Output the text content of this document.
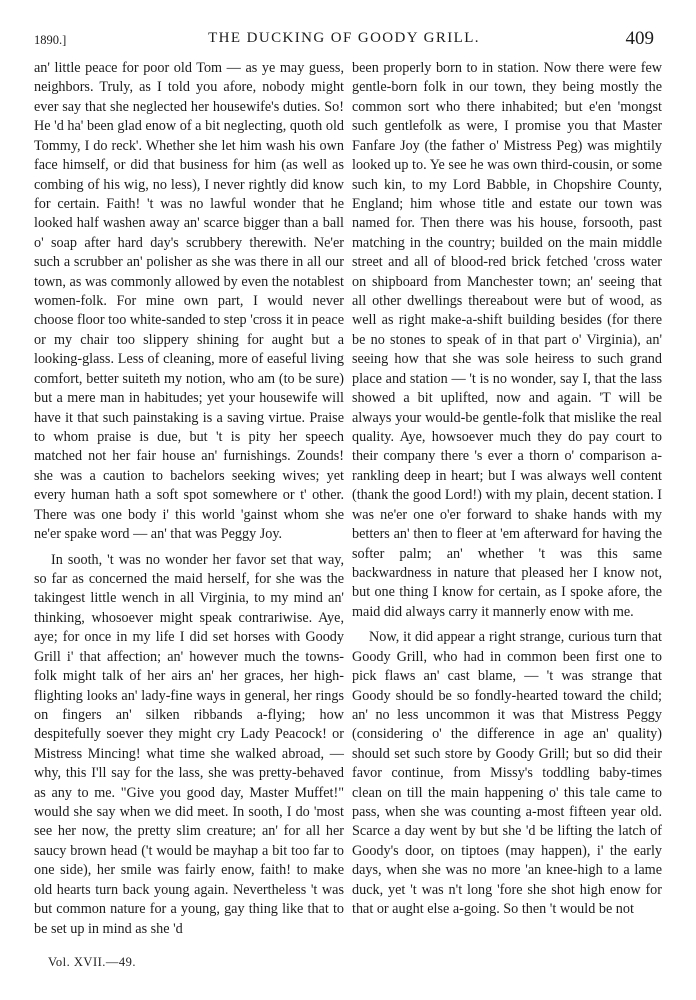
1890.]	THE DUCKING OF GOODY GRILL.	409

an' little peace for poor old Tom — as ye may guess, neighbors. Truly, as I told you afore, nobody might ever say that she neglected her housewife's duties. So! He 'd ha' been glad enow of a bit neglecting, quoth old Tommy, I do reck'. Whether she let him wash his own face himself, or did that business for him (as well as combing of his wig, no less), I never rightly did know for certain. Faith! 't was no lawful wonder that he looked half washen away an' scarce bigger than a ball o' soap after hard day's scrubbery therewith. Ne'er such a scrubber an' polisher as she was there in all our town, as was commonly allowed by even the notablest women-folk. For mine own part, I would never choose floor too white-sanded to step 'cross it in peace or my chair too slippery shining for aught but a looking-glass. Less of cleaning, more of easeful living comfort, better suiteth my notion, who am (to be sure) but a mere man in habitudes; yet your housewife will have it that such painstaking is a saving virtue. Praise to whom praise is due, but 't is pity her speech matched not her fair house an' furnishings. Zounds! she was a caution to bachelors seeking wives; yet every human hath a soft spot somewhere or t' other. There was one body i' this world 'gainst whom she ne'er spake word — an' that was Peggy Joy.

In sooth, 't was no wonder her favor set that way, so far as concerned the maid herself, for she was the takingest little wench in all Virginia, to my mind an' thinking, whosoever might speak contrariwise. Aye, aye; for once in my life I did set horses with Goody Grill i' that affection; an' however much the towns-folk might talk of her airs an' her graces, her high-flighting looks an' lady-fine ways in general, her rings on fingers an' silken ribbands a-flying; how despitefully soever they might cry Lady Peacock! or Mistress Mincing! what time she walked abroad, — why, this I'll say for the lass, she was pretty-behaved as any to me. "Give you good day, Master Muffet!" would she say when we did meet. In sooth, I do 'most see her now, the pretty slim creature; an' for all her saucy brown head ('t would be mayhap a bit too far to one side), her smile was fairly enow, faith! to make old hearts turn back young again. Nevertheless 't was but common nature for a young, gay thing like that to be set up in mind as she 'd

been properly born to in station. Now there were few gentle-born folk in our town, they being mostly the common sort who there inhabited; but e'en 'mongst such gentlefolk as were, I promise you that Master Fanfare Joy (the father o' Mistress Peg) was mightily looked up to. Ye see he was own third-cousin, or some such kin, to my Lord Babble, in Chopshire County, England; him whose title and estate our town was named for. Then there was his house, forsooth, past matching in the country; builded on the main middle street and all of blood-red brick fetched 'cross water on shipboard from Manchester town; an' seeing that all other dwellings thereabout were but of wood, as well as right make-a-shift building besides (for there be no stones to speak of in that part o' Virginia), an' seeing how that she was sole heiress to such grand place and station — 't is no wonder, say I, that the lass showed a bit uplifted, now and again. 'T will be always your would-be gentle-folk that mislike the real quality. Aye, howsoever much they do pay court to their company there 's ever a thorn o' comparison a-rankling deep in heart; but I was always well content (thank the good Lord!) with my plain, decent station. I was ne'er one o'er forward to shake hands with my betters an' then to fleer at 'em afterward for having the softer palm; an' whether 't was this same backwardness in nature that pleased her I know not, but one thing I know for certain, as I spoke afore, the maid did always carry it mannerly enow with me.

Now, it did appear a right strange, curious turn that Goody Grill, who had in common been first one to pick flaws an' cast blame, — 't was strange that Goody should be so fondly-hearted toward the child; an' no less uncommon it was that Mistress Peggy (considering o' the difference in age an' quality) should set such store by Goody Grill; but so did their favor continue, from Missy's toddling baby-times clean on till the main happening o' this tale came to pass, when she was counting a-most fifteen year old. Scarce a day went by but she 'd be lifting the latch of Goody's door, on tiptoes (may happen), i' the early days, when she was no more 'an knee-high to a lame duck, yet 't was n't long 'fore she shot high enow for that or aught else a-going. So then 't would be not

Vol. XVII.—49.
